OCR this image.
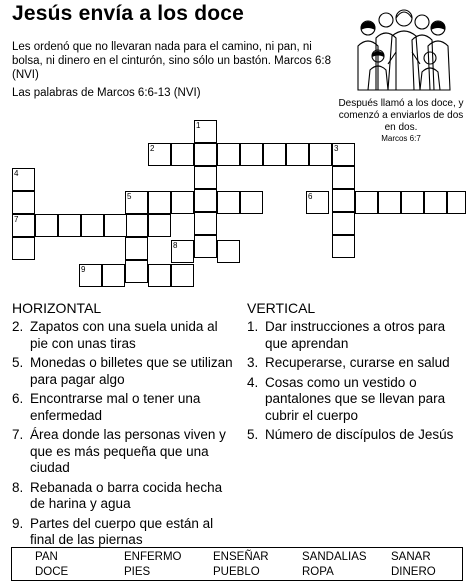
Jesús envía a los doce
Les ordenó que no llevaran nada para el camino, ni pan, ni bolsa, ni dinero en el cinturón, sino sólo un bastón. Marcos 6:8 (NVI)
Las palabras de Marcos 6:6-13 (NVI)
Después llamó a los doce, y comenzó a enviarlos de dos en dos.
Marcos 6:7
1
2	3
4
5	6
7
8
9
HORIZONTAL	VERTICAL
2. Zapatos con una suela unida al pie con unas tiras
5. Monedas o billetes que se utilizan para pagar algo
6. Encontrarse mal o tener una enfermedad
7. Área donde las personas viven y que es más pequeña que una ciudad
8. Rebanada o barra cocida hecha de harina y agua
9. Partes del cuerpo que están al final de las piernas
1. Dar instrucciones a otros para que aprendan
3. Recuperarse, curarse en salud
4. Cosas como un vestido o pantalones que se llevan para cubrir el cuerpo
5. Número de discípulos de Jesús
PAN	ENFERMO	ENSEÑAR	SANDALIAS SANAR
DOCE	PIES	PUEBLO	ROPA	DINERO
